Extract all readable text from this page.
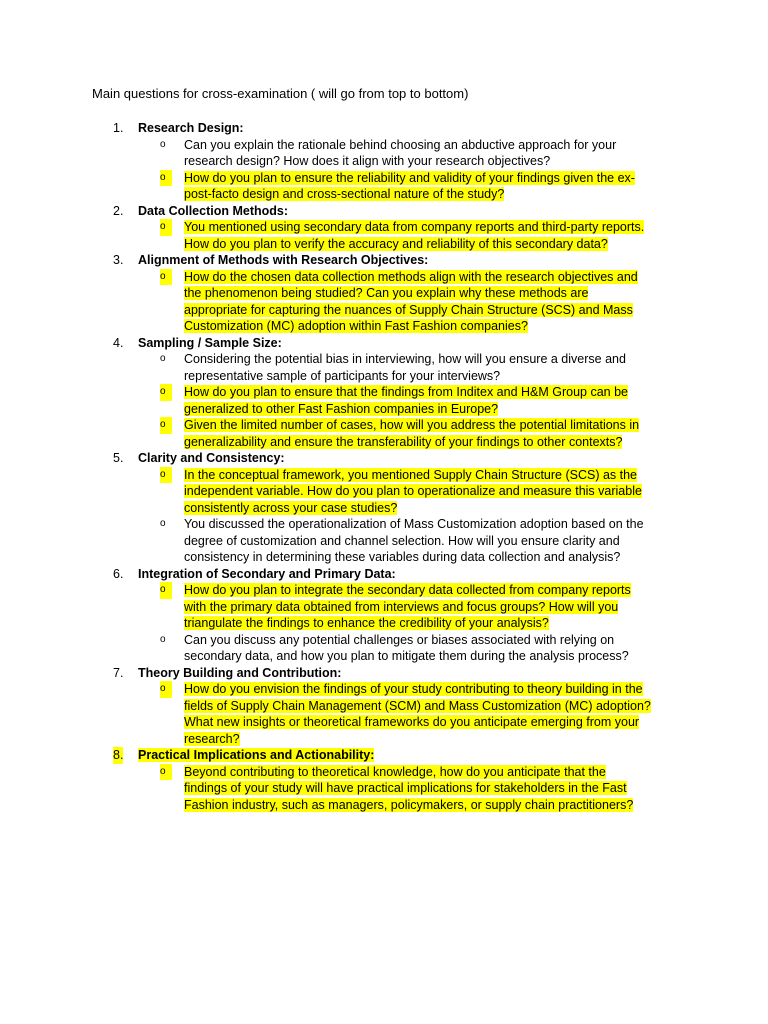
Main questions for cross-examination ( will go from top to bottom)
1. Research Design:
o	Can you explain the rationale behind choosing an abductive approach for your
research design? How does it align with your research objectives?
o	How do you plan to ensure the reliability and validity of your findings given the ex-
post-facto design and cross-sectional nature of the study?
2. Data Collection Methods:
o	You mentioned using secondary data from company reports and third-party reports.
How do you plan to verify the accuracy and reliability of this secondary data?
3. Alignment of Methods with Research Objectives:
o	How do the chosen data collection methods align with the research objectives and
the phenomenon being studied? Can you explain why these methods are
appropriate for capturing the nuances of Supply Chain Structure (SCS) and Mass
Customization (MC) adoption within Fast Fashion companies?
4. Sampling / Sample Size:
o	Considering the potential bias in interviewing, how will you ensure a diverse and
representative sample of participants for your interviews?
o	How do you plan to ensure that the findings from Inditex and H&M Group can be
generalized to other Fast Fashion companies in Europe?
o	Given the limited number of cases, how will you address the potential limitations in
generalizability and ensure the transferability of your findings to other contexts?
5. Clarity and Consistency:
o	In the conceptual framework, you mentioned Supply Chain Structure (SCS) as the
independent variable. How do you plan to operationalize and measure this variable
consistently across your case studies?
o	You discussed the operationalization of Mass Customization adoption based on the
degree of customization and channel selection. How will you ensure clarity and
consistency in determining these variables during data collection and analysis?
6. Integration of Secondary and Primary Data:
o	How do you plan to integrate the secondary data collected from company reports
with the primary data obtained from interviews and focus groups? How will you
triangulate the findings to enhance the credibility of your analysis?
o	Can you discuss any potential challenges or biases associated with relying on
secondary data, and how you plan to mitigate them during the analysis process?
7. Theory Building and Contribution:
o	How do you envision the findings of your study contributing to theory building in the
fields of Supply Chain Management (SCM) and Mass Customization (MC) adoption?
What new insights or theoretical frameworks do you anticipate emerging from your
research?
8. Practical Implications and Actionability:
o	Beyond contributing to theoretical knowledge, how do you anticipate that the
findings of your study will have practical implications for stakeholders in the Fast
Fashion industry, such as managers, policymakers, or supply chain practitioners?
